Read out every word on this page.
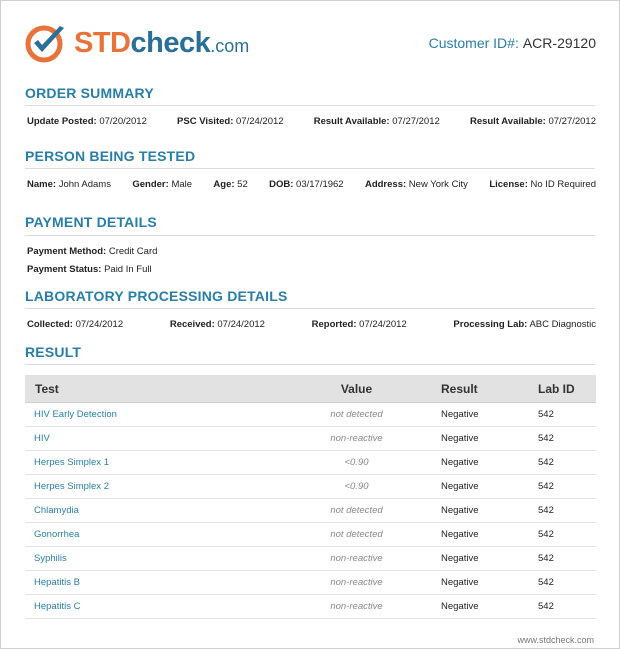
STDcheck.com	Customer ID#: ACR-29120
ORDER SUMMARY
Update Posted: 07/20/2012	PSC Visited: 07/24/2012	Result Available: 07/27/2012	Result Available: 07/27/2012
PERSON BEING TESTED
Name: John Adams Gender: Male Age: 52 DOB: 03/17/1962 Address: New York City License: No ID Required
PAYMENT DETAILS
Payment Method: Credit Card
Payment Status: Paid In Full
LABORATORY PROCESSING DETAILS
Collected: 07/24/2012	Received: 07/24/2012	Reported: 07/24/2012	Processing Lab: ABC Diagnostic
RESULT
Test	Value	Result	Lab ID
HIV Early Detection	not detected	Negative	542
HIV	non-reactive	Negative	542
Herpes Simplex 1	<0.90	Negative	542
Herpes Simplex 2	<0.90	Negative	542
Chlamydia	not detected	Negative	542
Gonorrhea	not detected	Negative	542
Syphilis	non-reactive	Negative	542
Hepatitis B	non-reactive	Negative	542
Hepatitis C	non-reactive	Negative	542
www.stdcheck.com
